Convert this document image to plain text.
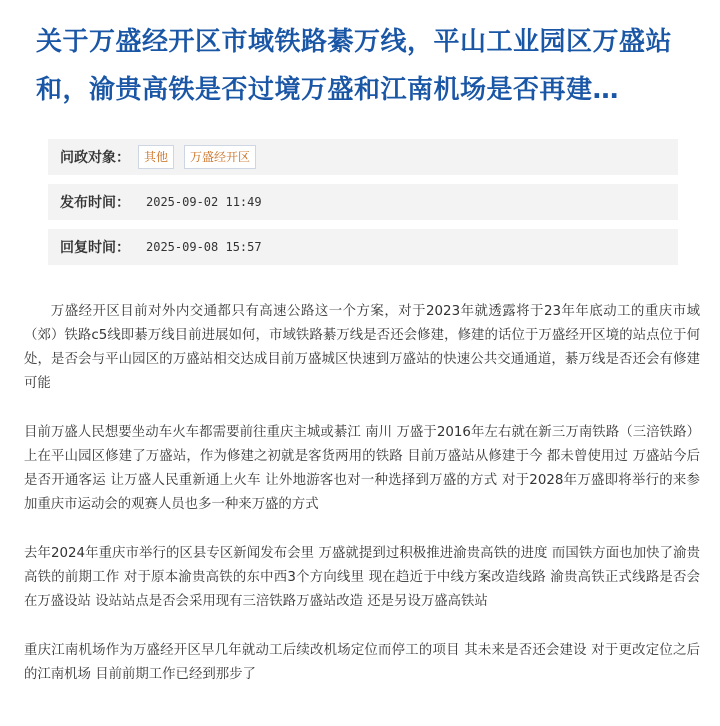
关于万盛经开区市域铁路綦万线，平山工业园区万盛站和，渝贵高铁是否过境万盛和江南机场是否再建…
问政对象：	其他	万盛经开区
发布时间：	2025-09-02 11:49
回复时间：	2025-09-08 15:57

万盛经开区目前对外内交通都只有高速公路这一个方案，对于2023年就透露将于23年年底动工的重庆市域（郊）铁路c5线即綦万线目前进展如何，市域铁路綦万线是否还会修建，修建的话位于万盛经开区境的站点位于何处，是否会与平山园区的万盛站相交达成目前万盛城区快速到万盛站的快速公共交通通道，綦万线是否还会有修建可能

目前万盛人民想要坐动车火车都需要前往重庆主城或綦江 南川 万盛于2016年左右就在新三万南铁路（三涪铁路）上在平山园区修建了万盛站，作为修建之初就是客货两用的铁路 目前万盛站从修建于今 都未曾使用过 万盛站今后是否开通客运 让万盛人民重新通上火车 让外地游客也对一种选择到万盛的方式 对于2028年万盛即将举行的来参加重庆市运动会的观赛人员也多一种来万盛的方式

去年2024年重庆市举行的区县专区新闻发布会里 万盛就提到过积极推进渝贵高铁的进度 而国铁方面也加快了渝贵高铁的前期工作 对于原本渝贵高铁的东中西3个方向线里 现在趋近于中线方案改造线路 渝贵高铁正式线路是否会在万盛设站 设站站点是否会采用现有三涪铁路万盛站改造 还是另设万盛高铁站

重庆江南机场作为万盛经开区早几年就动工后续改机场定位而停工的项目 其未来是否还会建设 对于更改定位之后的江南机场 目前前期工作已经到那步了
